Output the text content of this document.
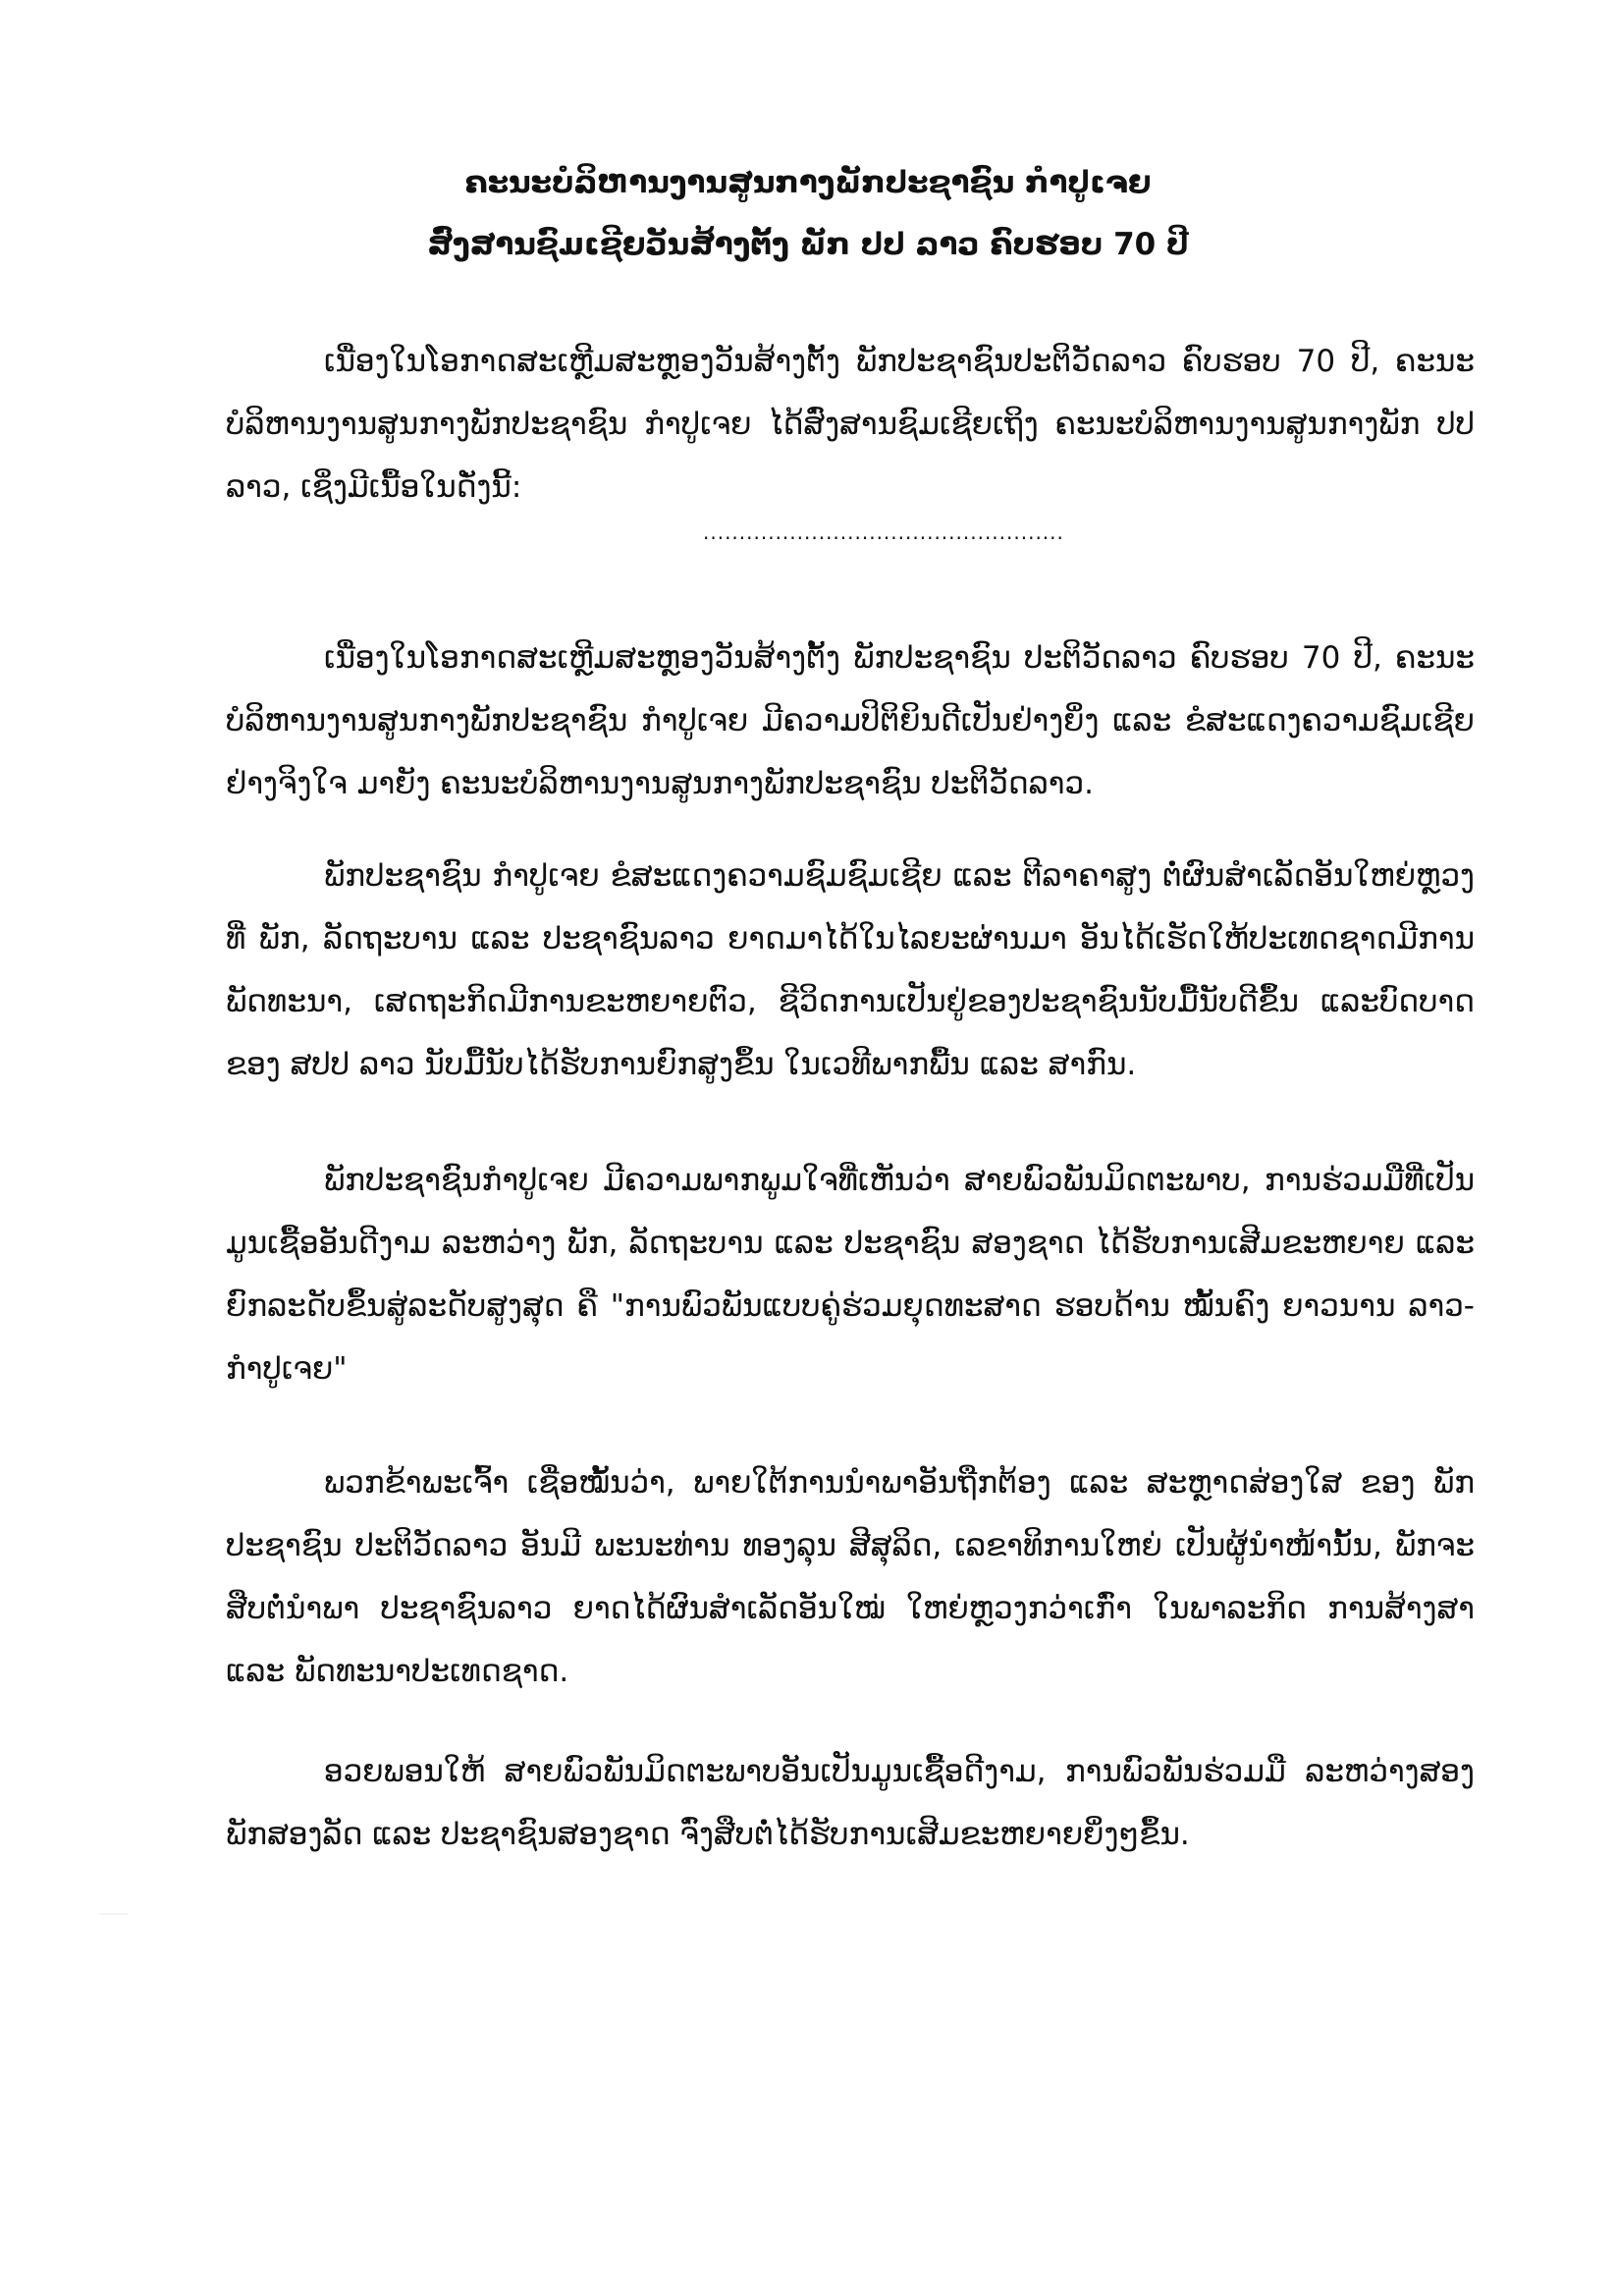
ຄະນະບໍລິຫານງານສູນກາງພັກປະຊາຊົນ ກຳປູເຈຍ
ສົ່ງສານຊົມເຊີຍວັນສ້າງຕັ້ງ ພັກ ປປ ລາວ ຄົບຮອບ 70 ປີ

ເນື່ອງໃນໂອກາດສະເຫຼີມສະຫຼອງວັນສ້າງຕັ້ງ ພັກປະຊາຊົນປະຕິວັດລາວ ຄົບຮອບ 70 ປີ, ຄະນະບໍລິຫານງານສູນກາງພັກປະຊາຊົນ ກຳປູເຈຍ ໄດ້ສົ່ງສານຊົມເຊີຍເຖິງ ຄະນະບໍລິຫານງານສູນກາງພັກ ປປ ລາວ, ເຊິ່ງມີເນື້ອໃນດັ່ງນີ້:

..................................................

ເນື່ອງໃນໂອກາດສະເຫຼີມສະຫຼອງວັນສ້າງຕັ້ງ ພັກປະຊາຊົນ ປະຕິວັດລາວ ຄົບຮອບ 70 ປີ, ຄະນະບໍລິຫານງານສູນກາງພັກປະຊາຊົນ ກຳປູເຈຍ ມີຄວາມປິຕິຍິນດີເປັນຢ່າງຍິ່ງ ແລະ ຂໍສະແດງຄວາມຊົມເຊີຍຢ່າງຈິງໃຈ ມາຍັງ ຄະນະບໍລິຫານງານສູນກາງພັກປະຊາຊົນ ປະຕິວັດລາວ.

ພັກປະຊາຊົນ ກຳປູເຈຍ ຂໍສະແດງຄວາມຊົມຊົມເຊີຍ ແລະ ຕີລາຄາສູງ ຕໍ່ຜົນສຳເລັດອັນໃຫຍ່ຫຼວງທີ່ ພັກ, ລັດຖະບານ ແລະ ປະຊາຊົນລາວ ຍາດມາໄດ້ໃນໄລຍະຜ່ານມາ ອັນໄດ້ເຮັດໃຫ້ປະເທດຊາດມີການພັດທະນາ, ເສດຖະກິດມີການຂະຫຍາຍຕົວ, ຊີວິດການເປັນຢູ່ຂອງປະຊາຊົນນັບມື້ນັບດີຂຶ້ນ ແລະບົດບາດຂອງ ສປປ ລາວ ນັບມື້ນັບໄດ້ຮັບການຍົກສູງຂຶ້ນ ໃນເວທີພາກພື້ນ ແລະ ສາກົນ.

ພັກປະຊາຊົນກຳປູເຈຍ ມີຄວາມພາກພູມໃຈທີ່ເຫັນວ່າ ສາຍພົວພັນມິດຕະພາບ, ການຮ່ວມມືທີ່ເປັນມູນເຊື້ອອັນດີງາມ ລະຫວ່າງ ພັກ, ລັດຖະບານ ແລະ ປະຊາຊົນ ສອງຊາດ ໄດ້ຮັບການເສີມຂະຫຍາຍ ແລະ ຍົກລະດັບຂຶ້ນສູ່ລະດັບສູງສຸດ ຄື "ການພົວພັນແບບຄູ່ຮ່ວມຍຸດທະສາດ ຮອບດ້ານ ໝັ້ນຄົງ ຍາວນານ ລາວ-ກຳປູເຈຍ"

ພວກຂ້າພະເຈົ້າ ເຊື່ອໝັ້ນວ່າ, ພາຍໃຕ້ການນຳພາອັນຖືກຕ້ອງ ແລະ ສະຫຼາດສ່ອງໃສ ຂອງ ພັກປະຊາຊົນ ປະຕິວັດລາວ ອັນມີ ພະນະທ່ານ ທອງລຸນ ສີສຸລິດ, ເລຂາທິການໃຫຍ່ ເປັນຜູ້ນຳໜ້ານັ້ນ, ພັກຈະສືບຕໍ່ນຳພາ ປະຊາຊົນລາວ ຍາດໄດ້ຜົນສຳເລັດອັນໃໝ່ ໃຫຍ່ຫຼວງກວ່າເກົ່າ ໃນພາລະກິດ ການສ້າງສາ ແລະ ພັດທະນາປະເທດຊາດ.

ອວຍພອນໃຫ້ ສາຍພົວພັນມິດຕະພາບອັນເປັນມູນເຊື້ອດີງາມ, ການພົວພັນຮ່ວມມື ລະຫວ່າງສອງພັກສອງລັດ ແລະ ປະຊາຊົນສອງຊາດ ຈົ່ງສືບຕໍ່ໄດ້ຮັບການເສີມຂະຫຍາຍຍິ່ງໆຂຶ້ນ.
